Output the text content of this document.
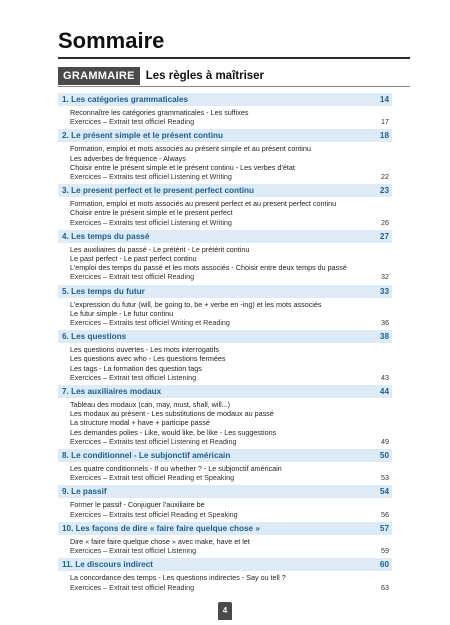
Sommaire
GRAMMAIRE Les règles à maîtriser
1. Les catégories grammaticales	14
Reconnaître les catégories grammaticales - Les suffixes
Exercices – Extrait test officiel Reading	17
2. Le présent simple et le présent continu	18
Formation, emploi et mots associés au présent simple et au présent continu
Les adverbes de fréquence - Always
Choisir entre le présent simple et le présent continu - Les verbes d’état
Exercices – Extraits test officiel Listening et Writing	22
3. Le present perfect et le present perfect continu	23
Formation, emploi et mots associés au present perfect et au present perfect continu
Choisir entre le présent simple et le present perfect
Exercices – Extraits test officiel Listening et Writing	26
4. Les temps du passé	27
Les auxiliaires du passé - Le prétérit - Le prétérit continu
Le past perfect - Le past perfect continu
L’emploi des temps du passé et les mots associés - Choisir entre deux temps du passé
Exercices – Extrait test officiel Reading	32
5. Les temps du futur	33
L’expression du futur (will, be going to, be + verbe en -ing) et les mots associés
Le futur simple - Le futur continu
Exercices – Extraits test officiel Writing et Reading	36
6. Les questions	38
Les questions ouvertes - Les mots interrogatifs
Les questions avec who - Les questions fermées
Les tags - La formation des question tags
Exercices – Extrait test officiel Listening	43
7. Les auxiliaires modaux	44
Tableau des modaux (can, may, must, shall, will...)
Les modaux au présent - Les substitutions de modaux au passé
La structure modal + have + participe passé
Les demandes polies - Like, would like, be like - Les suggestions
Exercices – Extraits test officiel Listening et Reading	49
8. Le conditionnel - Le subjonctif américain	50
Les quatre conditionnels - If ou whether ? - Le subjonctif américain
Exercices – Extrait test officiel Reading et Speaking	53
9. Le passif	54
Former le passif - Conjuguer l’auxiliaire be
Exercices – Extraits test officiel Reading et Speaking	56
10. Les façons de dire « faire faire quelque chose »	57
Dire « faire faire quelque chose » avec make, have et let
Exercices – Extrait test officiel Listening	59
11. Le discours indirect	60
La concordance des temps - Les questions indirectes - Say ou tell ?
Exercices – Extrait test officiel Reading	63
4
